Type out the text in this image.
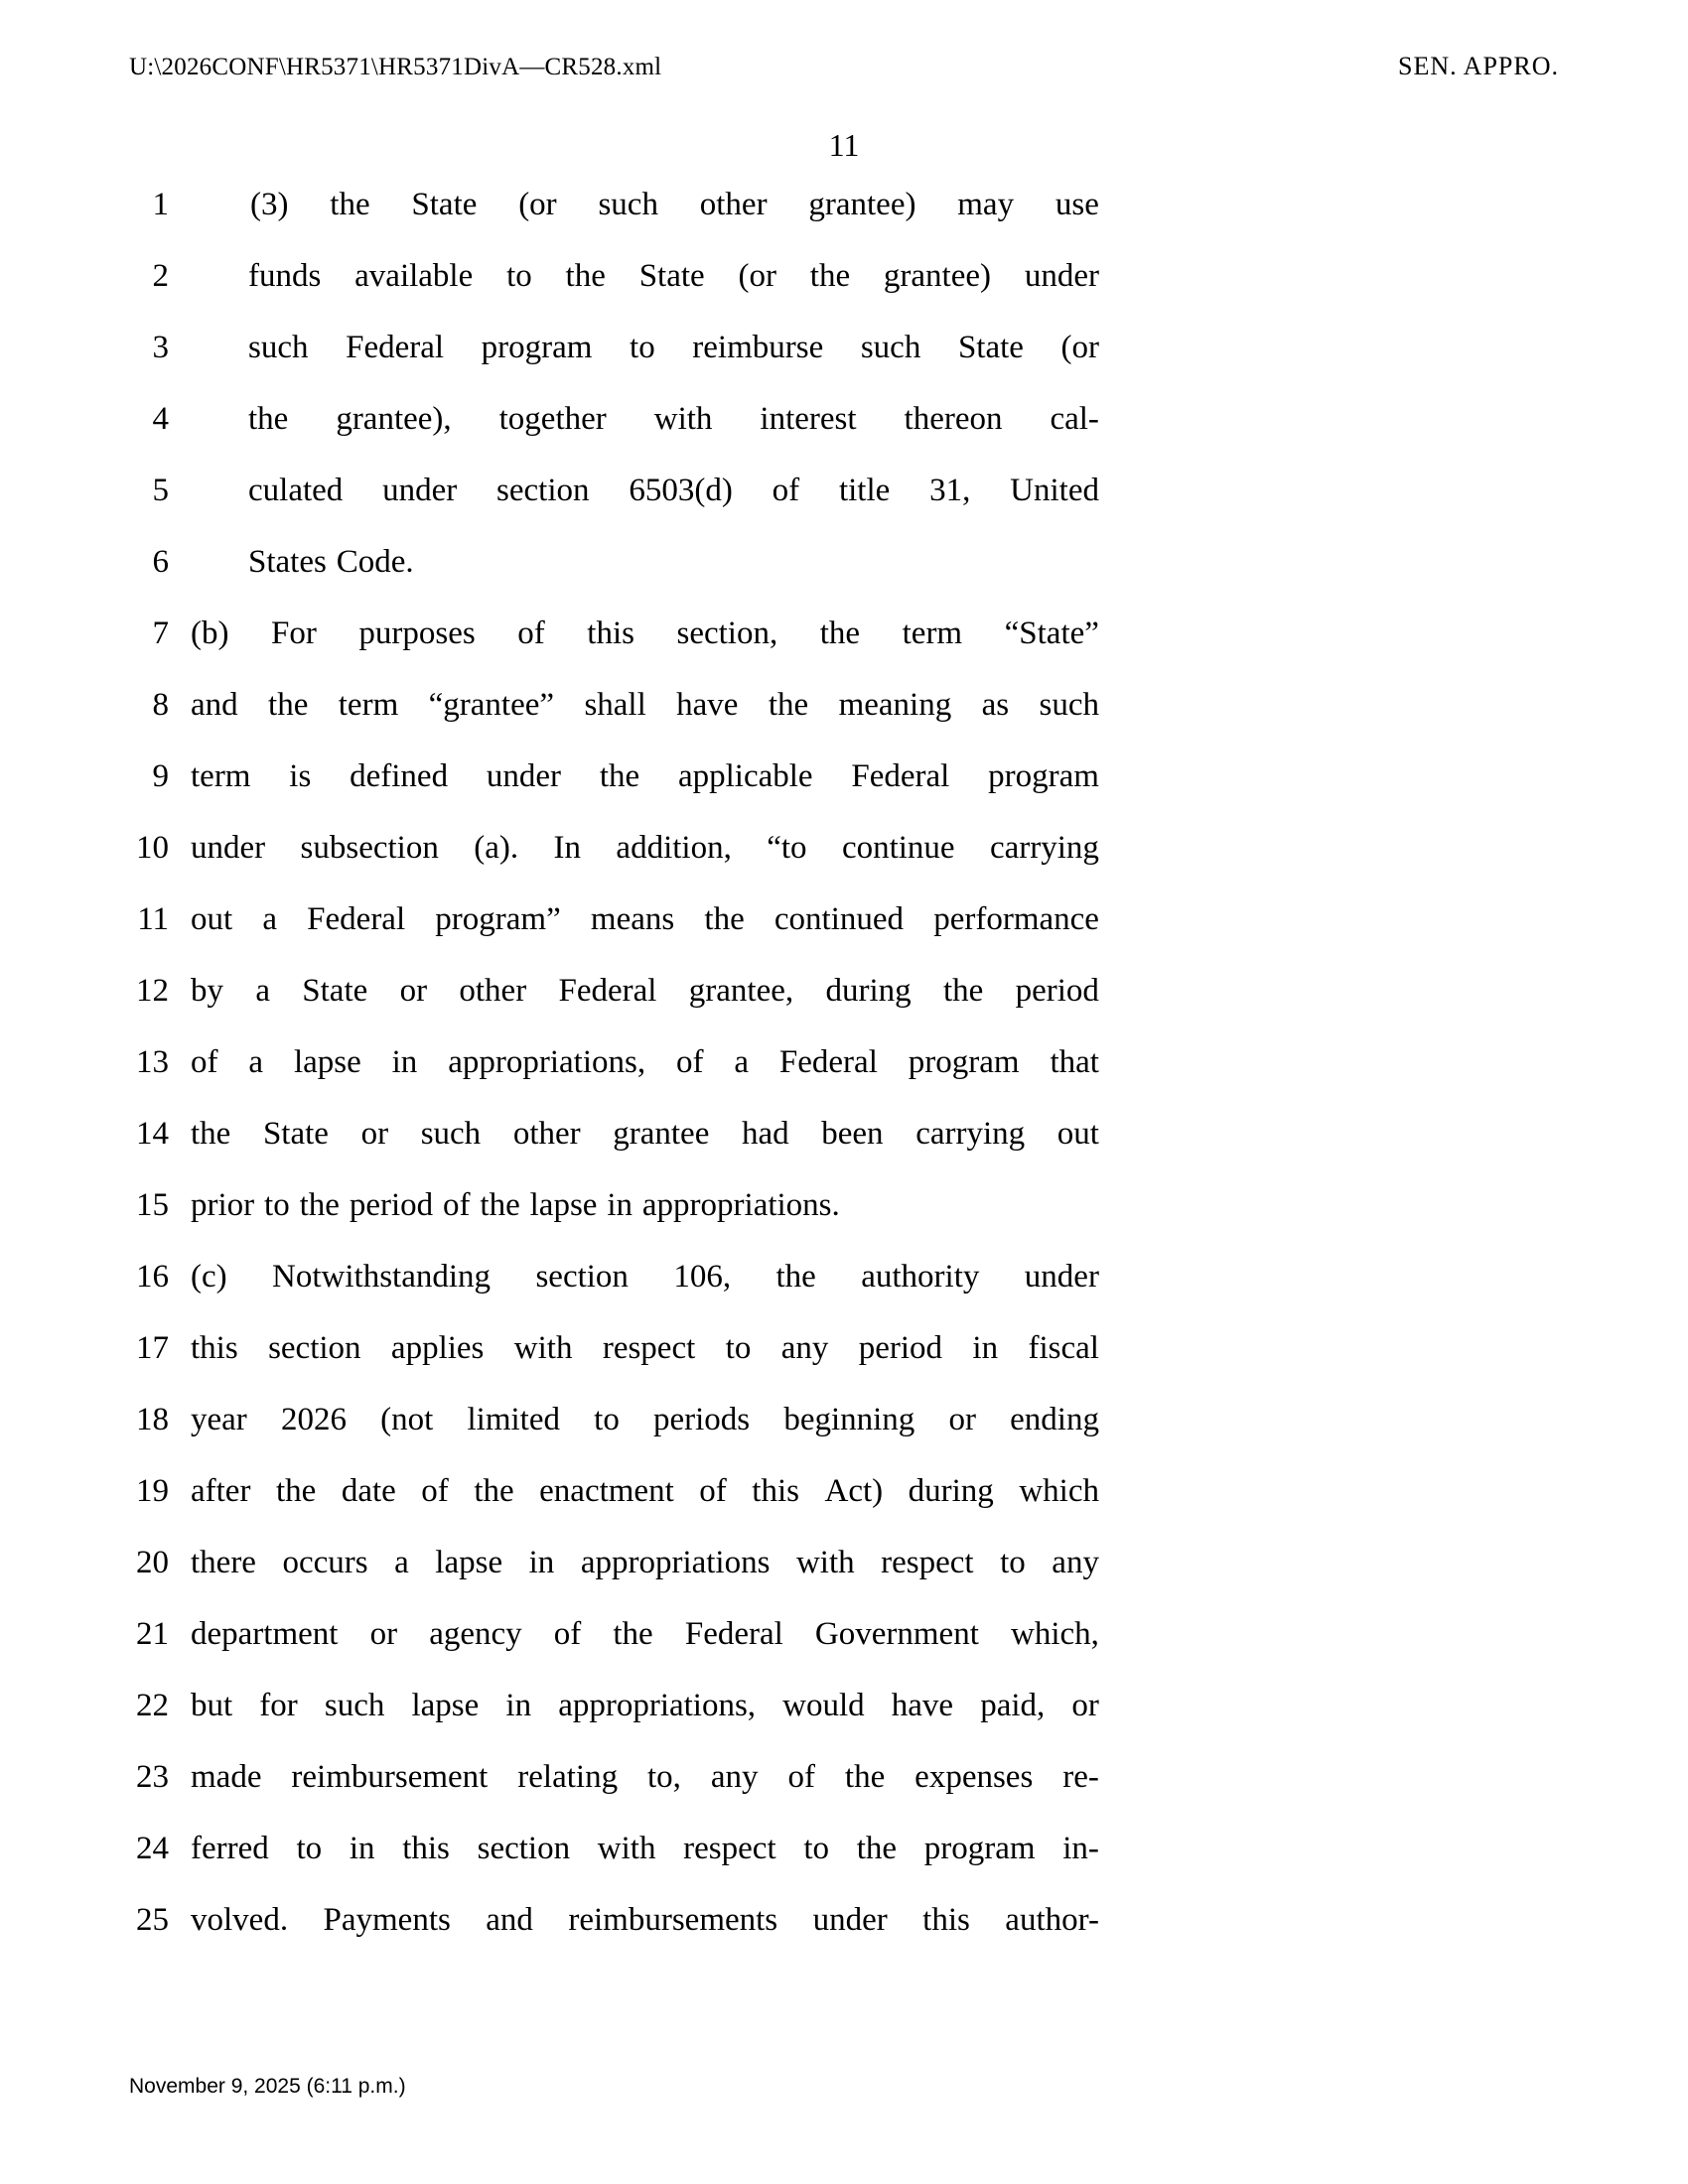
U:\2026CONF\HR5371\HR5371DivA—CR528.xml	SEN. APPRO.
11
1	(3) the State (or such other grantee) may use
2	funds available to the State (or the grantee) under
3	such Federal program to reimburse such State (or
4	the grantee), together with interest thereon cal-
5	culated under section 6503(d) of title 31, United
6	States Code.
7 (b) For purposes of this section, the term “State”
8 and the term “grantee” shall have the meaning as such
9 term is defined under the applicable Federal program
10 under subsection (a). In addition, “to continue carrying
11 out a Federal program” means the continued performance
12 by a State or other Federal grantee, during the period
13 of a lapse in appropriations, of a Federal program that
14 the State or such other grantee had been carrying out
15 prior to the period of the lapse in appropriations.
16 (c) Notwithstanding section 106, the authority under
17 this section applies with respect to any period in fiscal
18 year 2026 (not limited to periods beginning or ending
19 after the date of the enactment of this Act) during which
20 there occurs a lapse in appropriations with respect to any
21 department or agency of the Federal Government which,
22 but for such lapse in appropriations, would have paid, or
23 made reimbursement relating to, any of the expenses re-
24 ferred to in this section with respect to the program in-
25 volved. Payments and reimbursements under this author-
November 9, 2025 (6:11 p.m.)
